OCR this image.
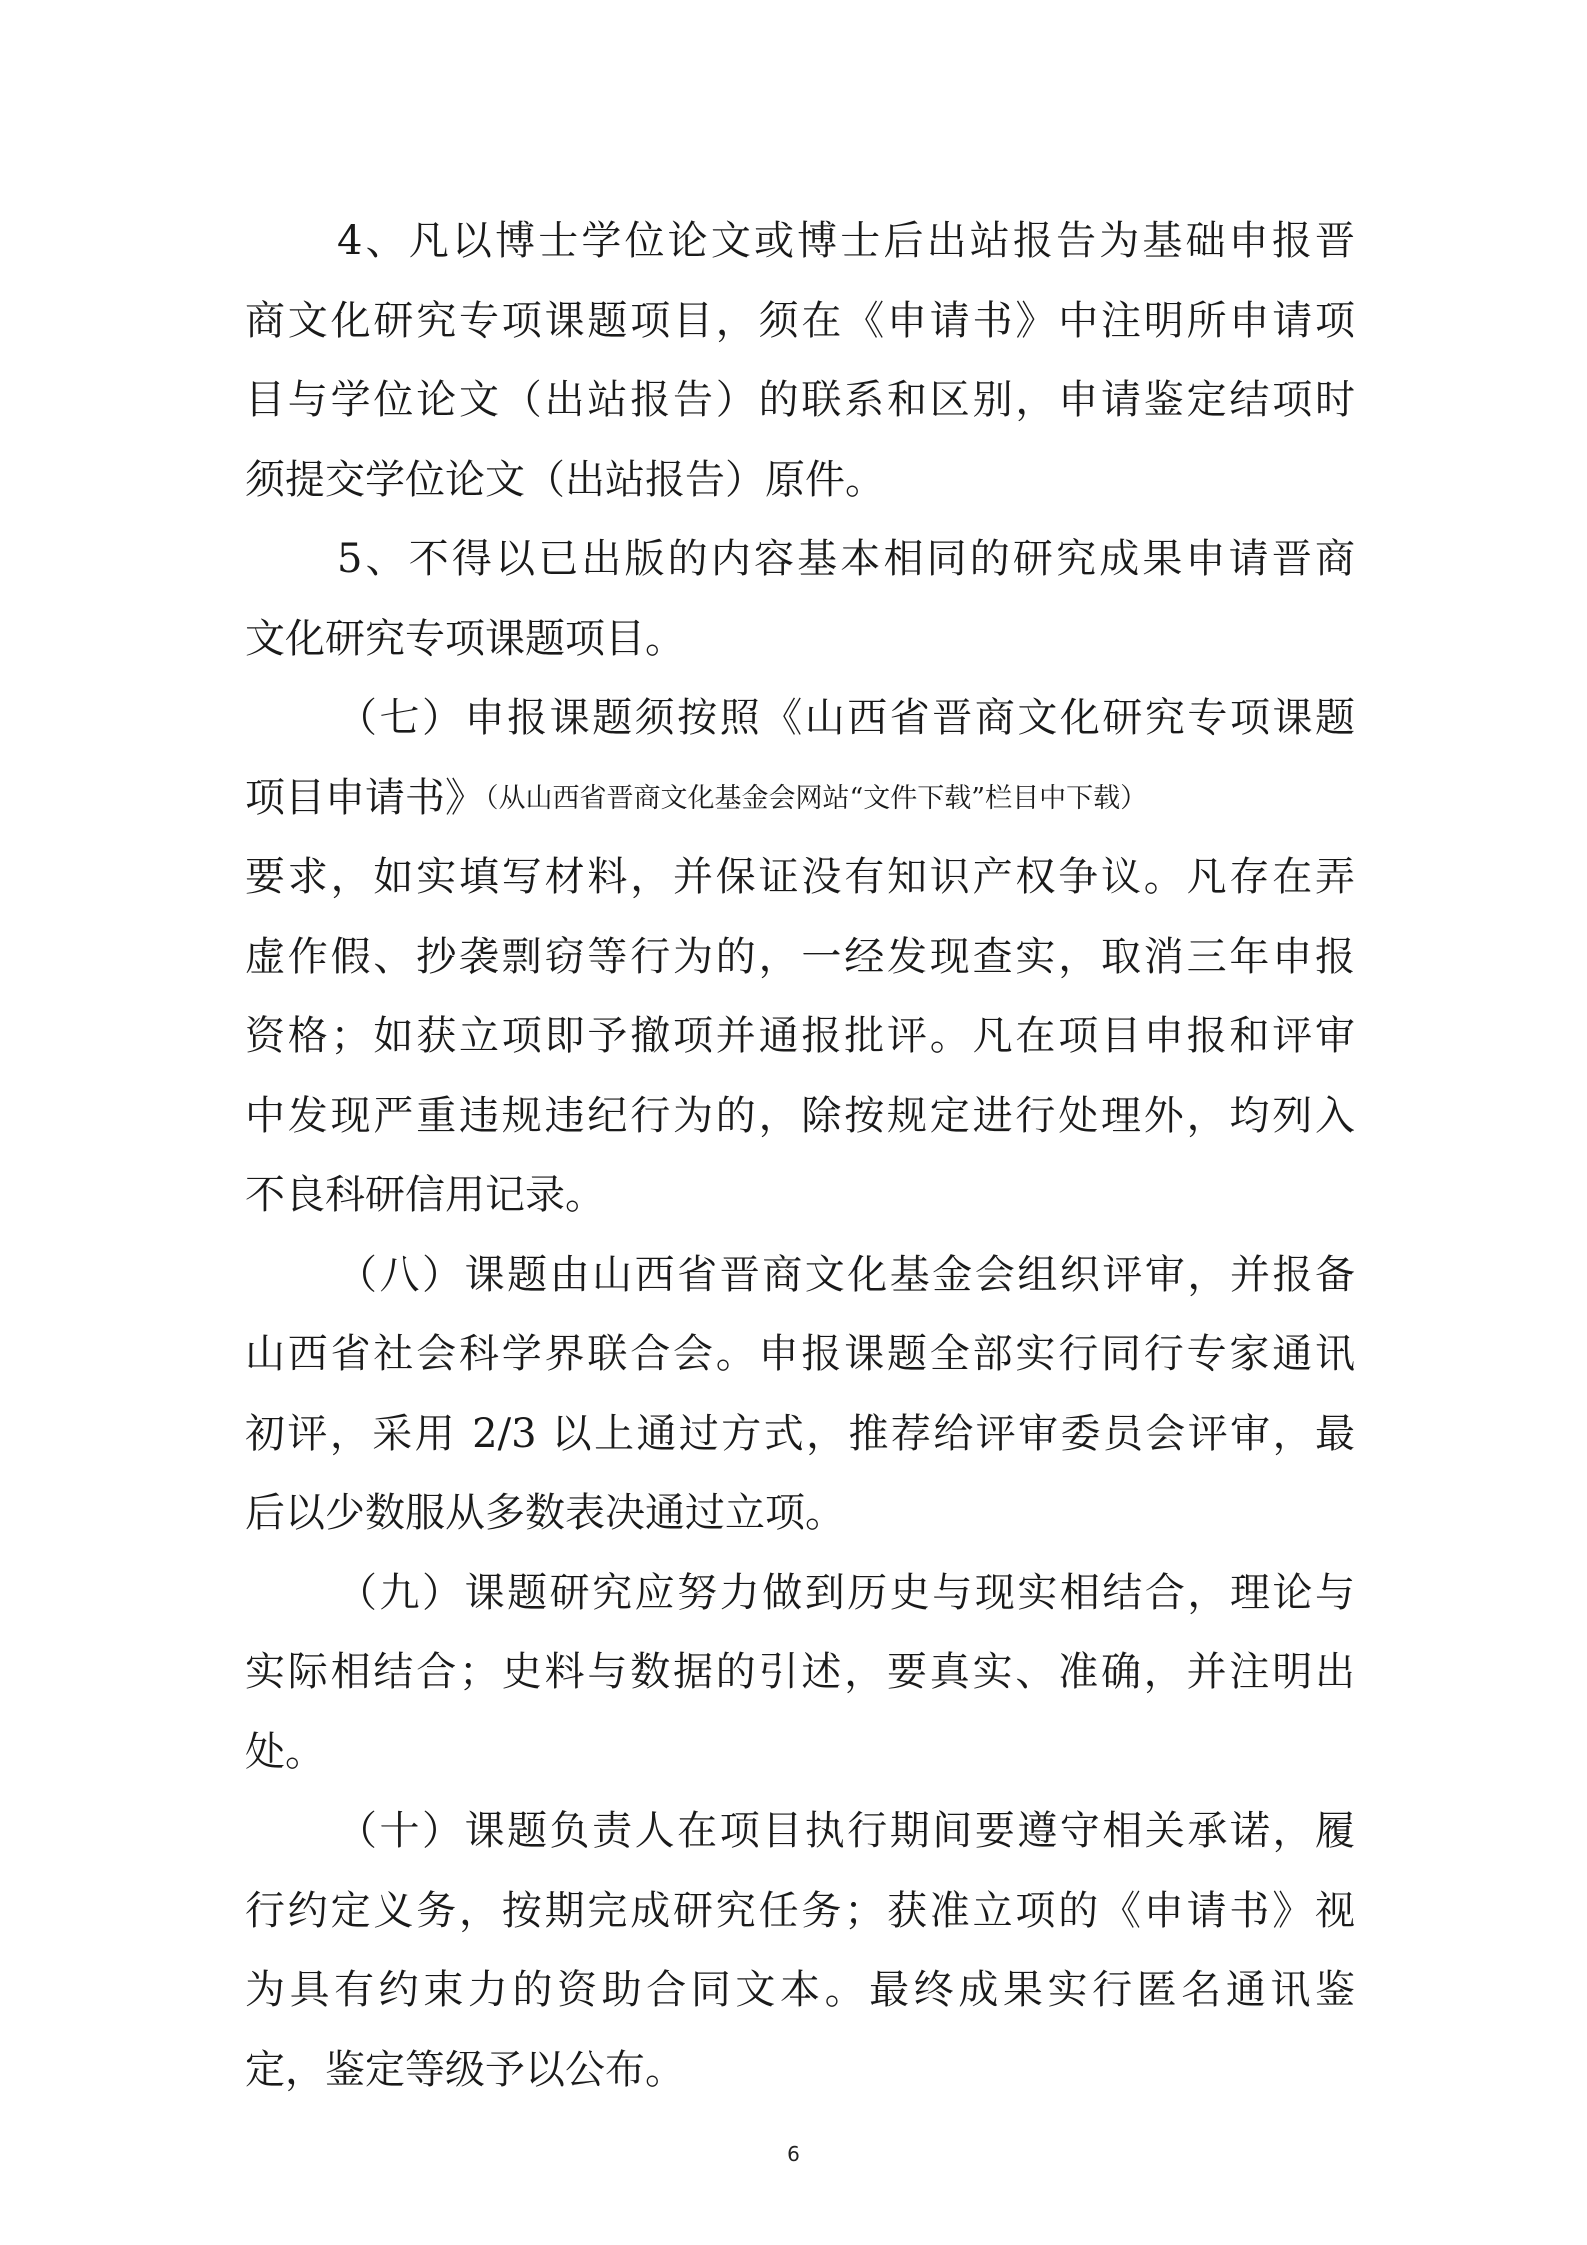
4、凡以博士学位论文或博士后出站报告为基础申报晋
商文化研究专项课题项目，须在《申请书》中注明所申请项
目与学位论文（出站报告）的联系和区别，申请鉴定结项时
须提交学位论文（出站报告）原件。
5、不得以已出版的内容基本相同的研究成果申请晋商
文化研究专项课题项目。
（七）申报课题须按照《山西省晋商文化研究专项课题
项目申请书》（从山西省晋商文化基金会网站“文件下载”栏目中下载）
要求，如实填写材料，并保证没有知识产权争议。凡存在弄
虚作假、抄袭剽窃等行为的，一经发现查实，取消三年申报
资格；如获立项即予撤项并通报批评。凡在项目申报和评审
中发现严重违规违纪行为的，除按规定进行处理外，均列入
不良科研信用记录。
（八）课题由山西省晋商文化基金会组织评审，并报备
山西省社会科学界联合会。申报课题全部实行同行专家通讯
初评，采用 2/3 以上通过方式，推荐给评审委员会评审，最
后以少数服从多数表决通过立项。
（九）课题研究应努力做到历史与现实相结合，理论与
实际相结合；史料与数据的引述，要真实、准确，并注明出
处。
（十）课题负责人在项目执行期间要遵守相关承诺，履
行约定义务，按期完成研究任务；获准立项的《申请书》视
为具有约束力的资助合同文本。最终成果实行匿名通讯鉴
定，鉴定等级予以公布。
6
